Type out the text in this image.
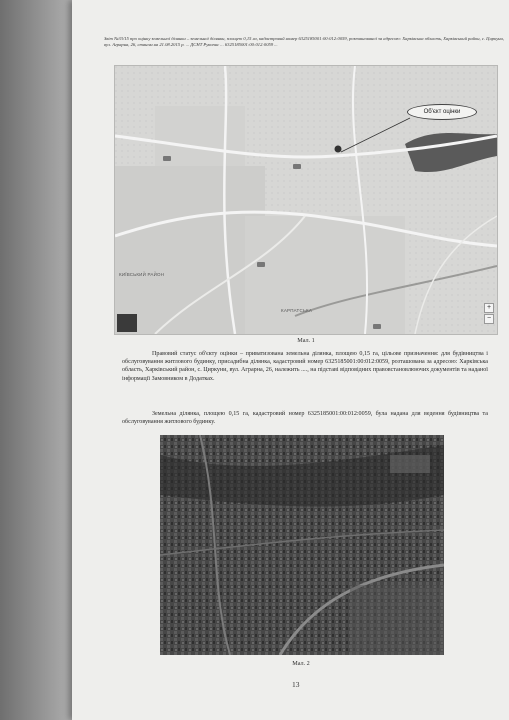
Звіт №33/15 про оцінку земельної ділянки – земельної ділянки, площею 0,15 га, кадастровий номер 6325185001:00:012:0059, розташованої за адресою: Харківська область, Харківський район, с. Циркуни, вул. Аграрна, 26, станом на 21.08.2015 р. ... ДСНТ Рукопис ... 6325185001:00:012:0059 ...
Об'єкт оцінки
КИЇВСЬКИЙ РАЙОН
КАРПАТСЬКА	+
−
Мал. 1
Правовий статус об'єкту оцінки – приватизована земельна ділянка, площею 0,15 га, цільове призначення: для будівництва і обслуговування житлового будинку, присадибна ділянка, кадастровий номер 6325185001:00:012:0059, розташована за адресою: Харківська область, Харківський район, с. Циркуни, вул. Аграрна, 26, належить ...., на підставі відповідних правовстановлюючих документів та наданої інформації Замовником в Додатках.
Земельна ділянка, площею 0,15 га, кадастровий номер 6325185001:00:012:0059, була надана для ведення будівництва та обслуговування житлового будинку.
Мал. 2
13
